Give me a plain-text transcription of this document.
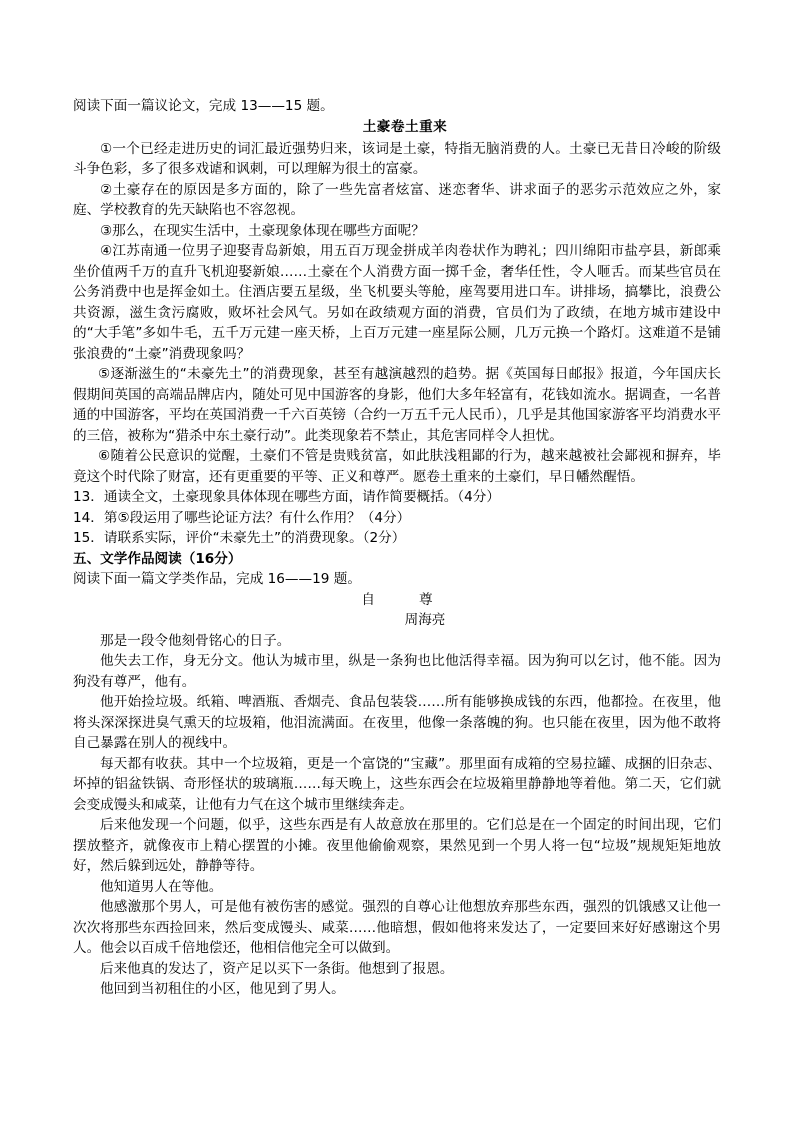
阅读下面一篇议论文，完成 13——15 题。
土豪卷土重来

①一个已经走进历史的词汇最近强势归来，该词是土豪，特指无脑消费的人。土豪已无昔日冷峻的阶级斗争色彩，多了很多戏谑和讽刺，可以理解为很土的富豪。

②土豪存在的原因是多方面的，除了一些先富者炫富、迷恋奢华、讲求面子的恶劣示范效应之外，家庭、学校教育的先天缺陷也不容忽视。

③那么，在现实生活中，土豪现象体现在哪些方面呢？

④江苏南通一位男子迎娶青岛新娘，用五百万现金拼成羊肉卷状作为聘礼；四川绵阳市盐亭县，新郎乘坐价值两千万的直升飞机迎娶新娘……土豪在个人消费方面一掷千金，奢华任性，令人咂舌。而某些官员在公务消费中也是挥金如土。住酒店要五星级，坐飞机要头等舱，座驾要用进口车。讲排场，搞攀比，浪费公共资源，滋生贪污腐败，败坏社会风气。另如在政绩观方面的消费，官员们为了政绩，在地方城市建设中的“大手笔”多如牛毛，五千万元建一座天桥，上百万元建一座星际公厕，几万元换一个路灯。这难道不是铺张浪费的“土豪”消费现象吗？

⑤逐渐滋生的“未豪先土”的消费现象，甚至有越演越烈的趋势。据《英国每日邮报》报道，今年国庆长假期间英国的高端品牌店内，随处可见中国游客的身影，他们大多年轻富有，花钱如流水。据调查，一名普通的中国游客，平均在英国消费一千六百英镑（合约一万五千元人民币），几乎是其他国家游客平均消费水平的三倍，被称为“猎杀中东土豪行动”。此类现象若不禁止，其危害同样令人担忧。

⑥随着公民意识的觉醒，土豪们不管是贵贱贫富，如此肤浅粗鄙的行为，越来越被社会鄙视和摒弃，毕竟这个时代除了财富，还有更重要的平等、正义和尊严。愿卷土重来的土豪们，早日幡然醒悟。

13．通读全文，土豪现象具体体现在哪些方面，请作简要概括。（4分）
14．第⑤段运用了哪些论证方法？有什么作用？（4分）
15．请联系实际，评价“未豪先土”的消费现象。（2分）
五、文学作品阅读（16分）
阅读下面一篇文学类作品，完成 16——19 题。
自	尊
周海亮

那是一段令他刻骨铭心的日子。

他失去工作，身无分文。他认为城市里，纵是一条狗也比他活得幸福。因为狗可以乞讨，他不能。因为狗没有尊严，他有。

他开始捡垃圾。纸箱、啤酒瓶、香烟壳、食品包装袋……所有能够换成钱的东西，他都捡。在夜里，他将头深深探进臭气熏天的垃圾箱，他泪流满面。在夜里，他像一条落魄的狗。也只能在夜里，因为他不敢将自己暴露在别人的视线中。

每天都有收获。其中一个垃圾箱，更是一个富饶的“宝藏”。那里面有成箱的空易拉罐、成捆的旧杂志、坏掉的铝盆铁锅、奇形怪状的玻璃瓶……每天晚上，这些东西会在垃圾箱里静静地等着他。第二天，它们就会变成馒头和咸菜，让他有力气在这个城市里继续奔走。

后来他发现一个问题，似乎，这些东西是有人故意放在那里的。它们总是在一个固定的时间出现，它们摆放整齐，就像夜市上精心摆置的小摊。夜里他偷偷观察，果然见到一个男人将一包“垃圾”规规矩矩地放好，然后躲到远处，静静等待。

他知道男人在等他。

他感激那个男人，可是他有被伤害的感觉。强烈的自尊心让他想放弃那些东西，强烈的饥饿感又让他一次次将那些东西捡回来，然后变成馒头、咸菜……他暗想，假如他将来发达了，一定要回来好好感谢这个男人。他会以百成千倍地偿还，他相信他完全可以做到。

后来他真的发达了，资产足以买下一条街。他想到了报恩。

他回到当初租住的小区，他见到了男人。
